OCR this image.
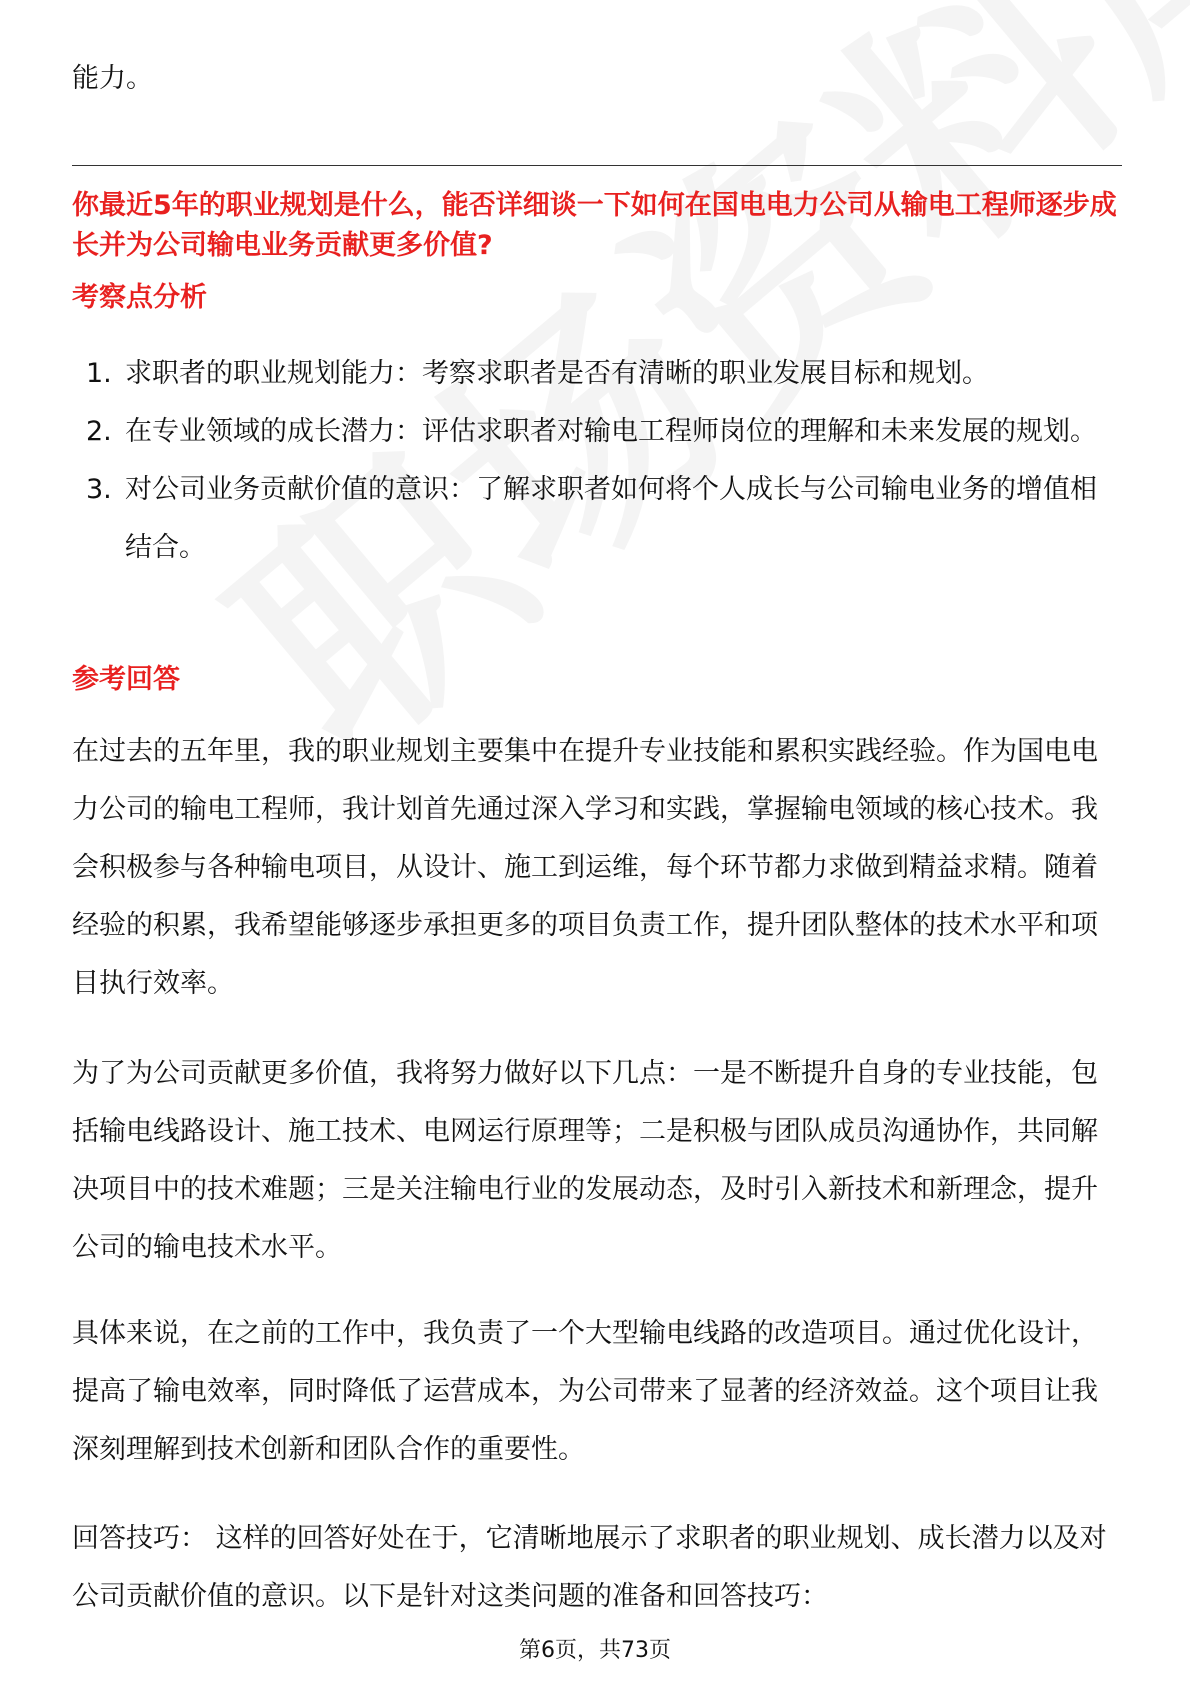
能力。

你最近5年的职业规划是什么，能否详细谈一下如何在国电电力公司从输电工程师逐步成长并为公司输电业务贡献更多价值?
考察点分析
1. 求职者的职业规划能力：考察求职者是否有清晰的职业发展目标和规划。
2. 在专业领域的成长潜力：评估求职者对输电工程师岗位的理解和未来发展的规划。
3. 对公司业务贡献价值的意识：了解求职者如何将个人成长与公司输电业务的增值相结合。
参考回答

在过去的五年里，我的职业规划主要集中在提升专业技能和累积实践经验。作为国电电力公司的输电工程师，我计划首先通过深入学习和实践，掌握输电领域的核心技术。我会积极参与各种输电项目，从设计、施工到运维，每个环节都力求做到精益求精。随着经验的积累，我希望能够逐步承担更多的项目负责工作，提升团队整体的技术水平和项目执行效率。

为了为公司贡献更多价值，我将努力做好以下几点：一是不断提升自身的专业技能，包括输电线路设计、施工技术、电网运行原理等；二是积极与团队成员沟通协作，共同解决项目中的技术难题；三是关注输电行业的发展动态，及时引入新技术和新理念，提升公司的输电技术水平。

具体来说，在之前的工作中，我负责了一个大型输电线路的改造项目。通过优化设计，提高了输电效率，同时降低了运营成本，为公司带来了显著的经济效益。这个项目让我深刻理解到技术创新和团队合作的重要性。

回答技巧： 这样的回答好处在于，它清晰地展示了求职者的职业规划、成长潜力以及对公司贡献价值的意识。以下是针对这类问题的准备和回答技巧：

第6页，共73页
